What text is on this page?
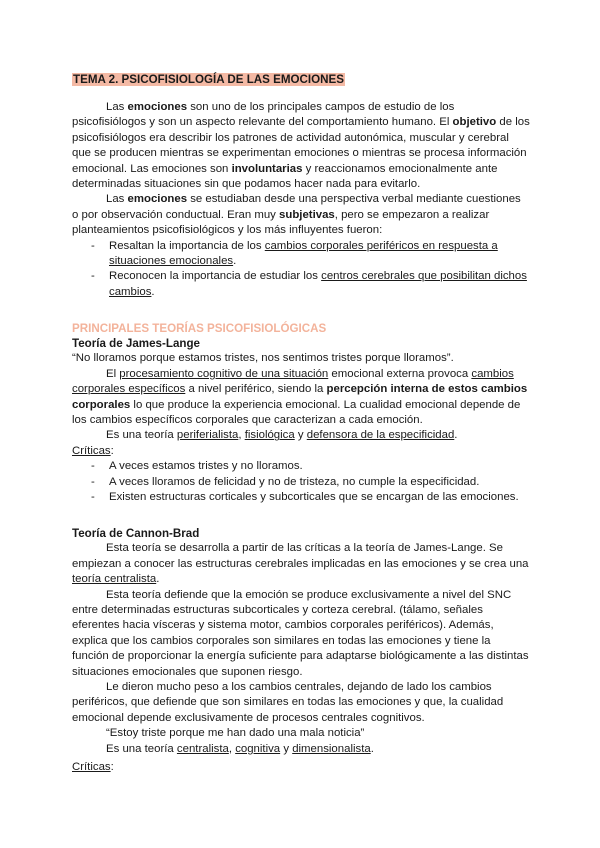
TEMA 2. PSICOFISIOLOGÍA DE LAS EMOCIONES

Las emociones son uno de los principales campos de estudio de los psicofisiólogos y son un aspecto relevante del comportamiento humano. El objetivo de los psicofisiólogos era describir los patrones de actividad autonómica, muscular y cerebral que se producen mientras se experimentan emociones o mientras se procesa información emocional. Las emociones son involuntarias y reaccionamos emocionalmente ante determinadas situaciones sin que podamos hacer nada para evitarlo.

Las emociones se estudiaban desde una perspectiva verbal mediante cuestiones o por observación conductual. Eran muy subjetivas, pero se empezaron a realizar planteamientos psicofisiológicos y los más influyentes fueron:

- Resaltan la importancia de los cambios corporales periféricos en respuesta a situaciones emocionales.
- Reconocen la importancia de estudiar los centros cerebrales que posibilitan dichos cambios.
PRINCIPALES TEORÍAS PSICOFISIOLÓGICAS
Teoría de James-Lange
“No lloramos porque estamos tristes, nos sentimos tristes porque lloramos”.

El procesamiento cognitivo de una situación emocional externa provoca cambios corporales específicos a nivel periférico, siendo la percepción interna de estos cambios corporales lo que produce la experiencia emocional. La cualidad emocional depende de los cambios específicos corporales que caracterizan a cada emoción.

Es una teoría periferialista, fisiológica y defensora de la especificidad.

Críticas:
- A veces estamos tristes y no lloramos.
- A veces lloramos de felicidad y no de tristeza, no cumple la especificidad.
- Existen estructuras corticales y subcorticales que se encargan de las emociones.
Teoría de Cannon-Brad

Esta teoría se desarrolla a partir de las críticas a la teoría de James-Lange. Se empiezan a conocer las estructuras cerebrales implicadas en las emociones y se crea una teoría centralista.

Esta teoría defiende que la emoción se produce exclusivamente a nivel del SNC entre determinadas estructuras subcorticales y corteza cerebral. (tálamo, señales eferentes hacia vísceras y sistema motor, cambios corporales periféricos). Además, explica que los cambios corporales son similares en todas las emociones y tiene la función de proporcionar la energía suficiente para adaptarse biológicamente a las distintas situaciones emocionales que suponen riesgo.

Le dieron mucho peso a los cambios centrales, dejando de lado los cambios periféricos, que defiende que son similares en todas las emociones y que, la cualidad emocional depende exclusivamente de procesos centrales cognitivos.

“Estoy triste porque me han dado una mala noticia”

Es una teoría centralista, cognitiva y dimensionalista.

Críticas:
